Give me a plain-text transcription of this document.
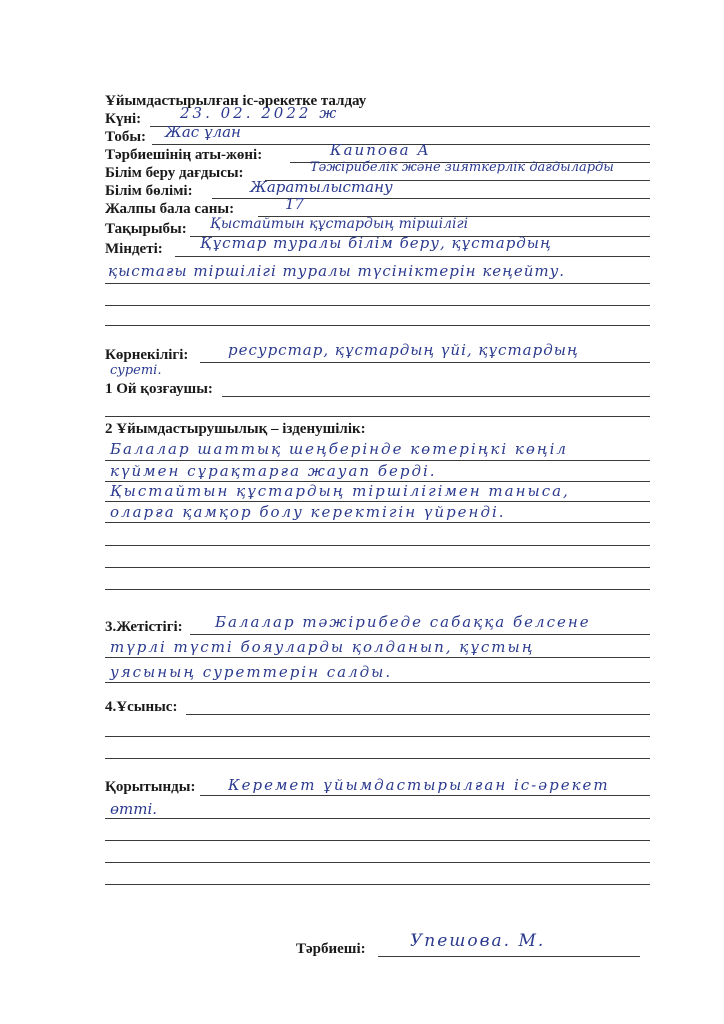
Ұйымдастырылған іс-әрекетке талдау
Күні:	23. 02. 2022 ж
Тобы: Жас ұлан
Тәрбиешінің аты-жөні:	Каипова А
Білім беру дағдысы:	Тәжірибелік және зияткерлік дағдыларды
Білім бөлімі:	Жаратылыстану
Жалпы бала саны:	17
Тақырыбы: Қыстайтын құстардың тіршілігі
Міндеті: Құстар туралы білім беру, құстардың
қыстағы тіршілігі туралы түсініктерін кеңейту.
Көрнекілігі:	ресурстар, құстардың үйі, құстардың
суреті.
1 Ой қозғаушы:
2 Ұйымдастырушылық – ізденушілік:
Балалар шаттық шеңберінде көтеріңкі көңіл
күймен сұрақтарға жауап берді.
Қыстайтын құстардың тіршілігімен таныса,
оларға қамқор болу керектігін үйренді.
3.Жетістігі: Балалар тәжірибеде сабаққа белсене
түрлі түсті бояуларды қолданып, құстың
уясының суреттерін салды.
4.Ұсыныс:
Қорытынды: Керемет ұйымдастырылған іс-әрекет
өтті.
Тәрбиеші:	Упешова. М.
